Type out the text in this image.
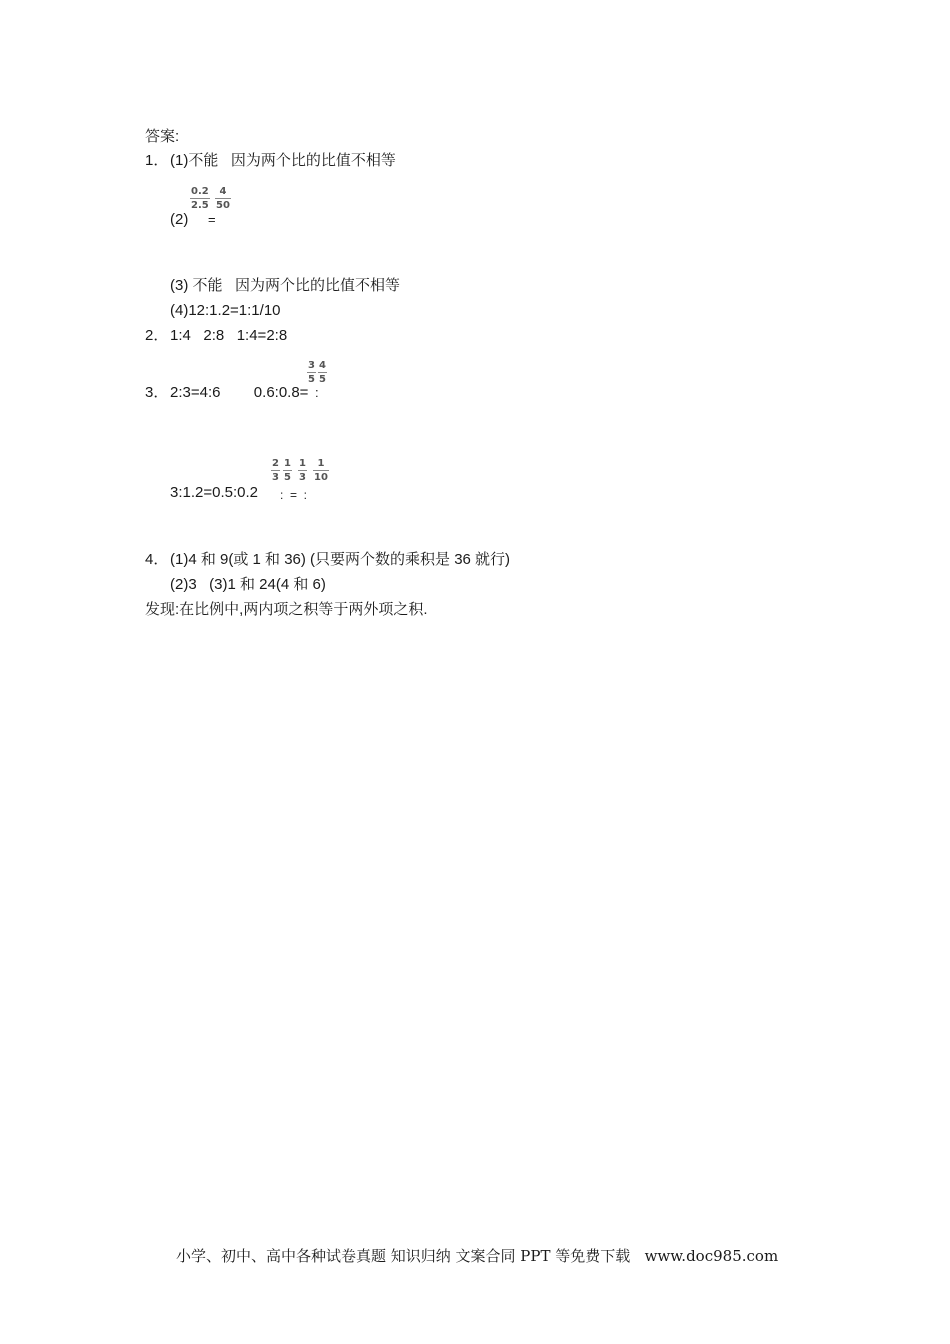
答案:
1． (1)不能   因为两个比的比值不相等
(2)
0.2
2.5
=
4
50
(3) 不能   因为两个比的比值不相等
(4)12:1.2=1:1/10
2． 1:4   2:8   1:4=2:8
3． 2:3=4:6        0.6:0.8=
3
5
:
4
5
3:1.2=0.5:0.2
2
3
1
5
1
3
1
10
:  =  :
4． (1)4 和 9(或 1 和 36) (只要两个数的乘积是 36 就行)
(2)3   (3)1 和 24(4 和 6)
发现:在比例中,两内项之积等于两外项之积.
小学、初中、高中各种试卷真题 知识归纳 文案合同 PPT 等免费下载   www.doc985.com
